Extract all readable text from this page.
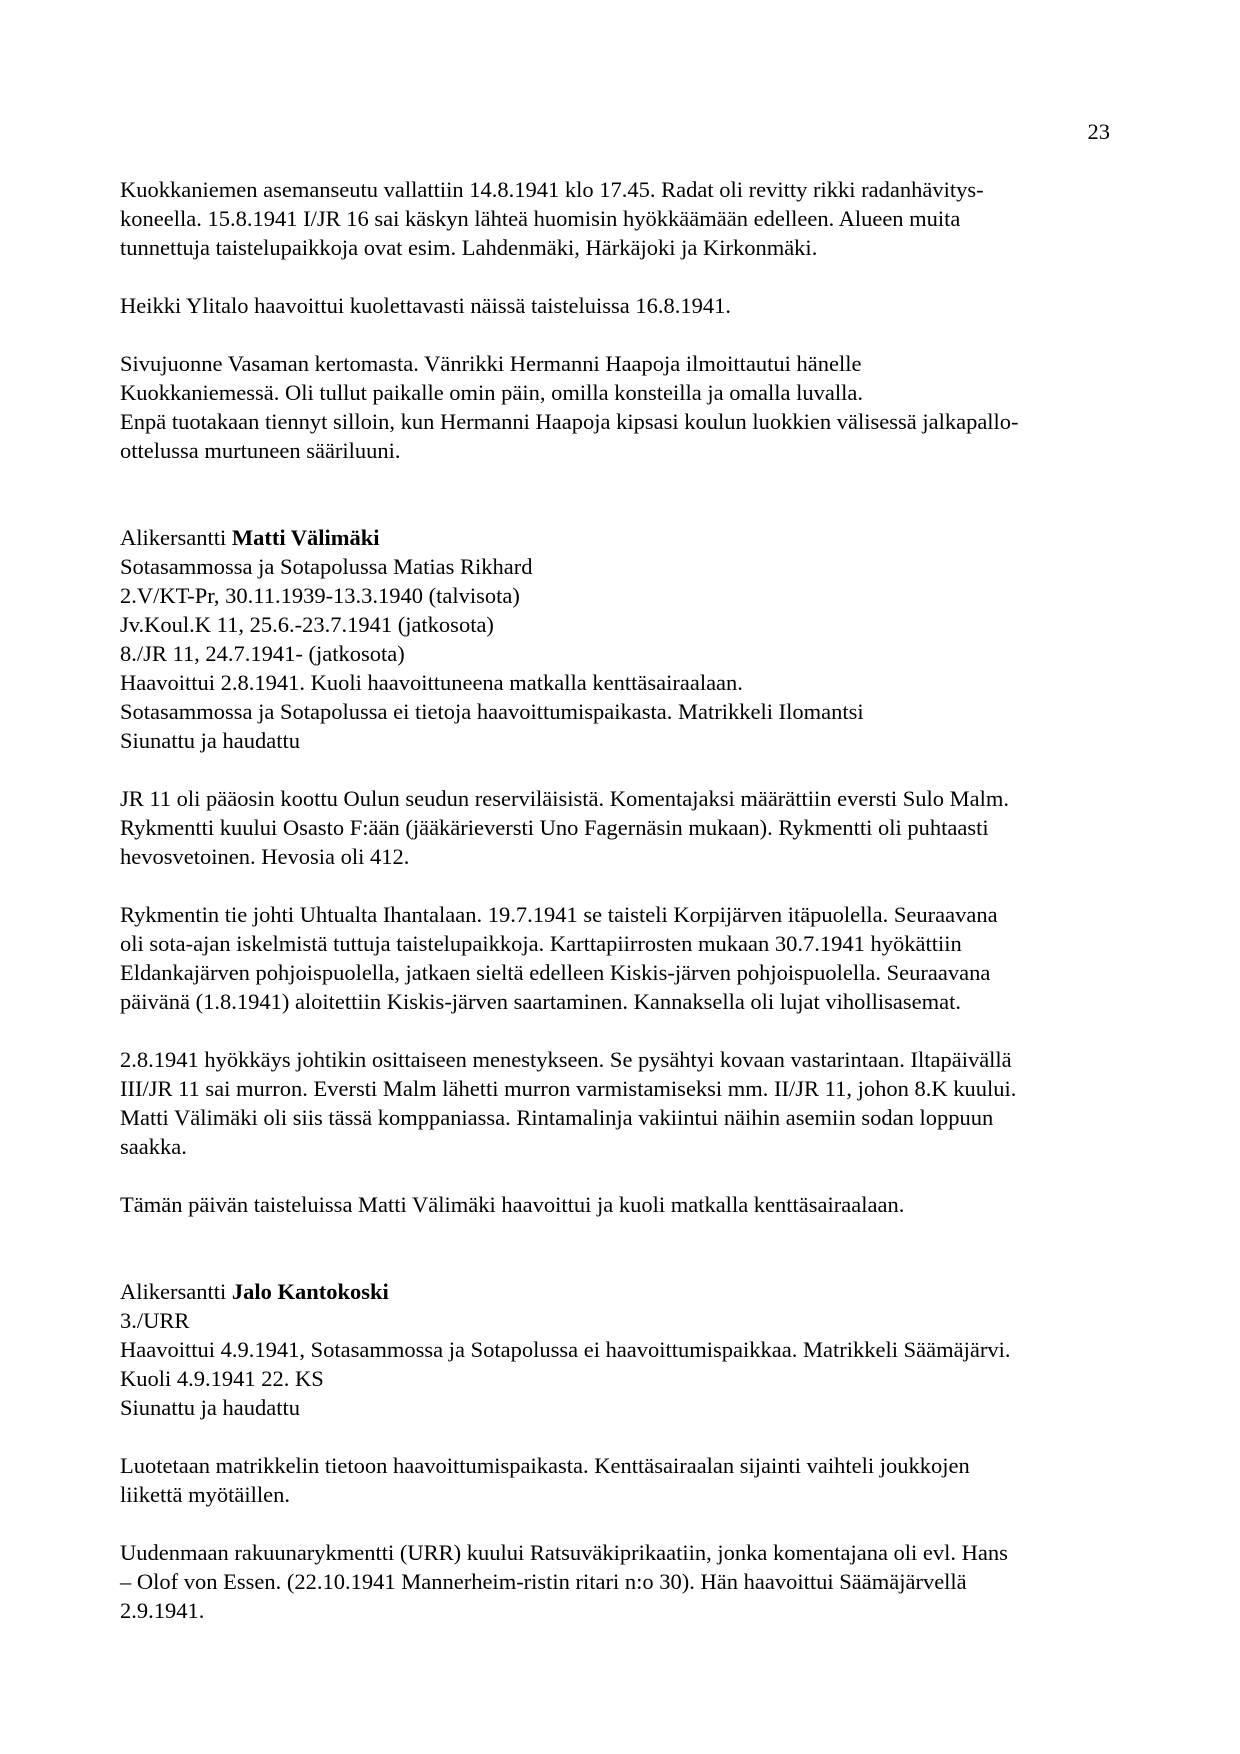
23

Kuokkaniemen asemanseutu vallattiin 14.8.1941 klo 17.45. Radat oli revitty rikki radanhävitys-
koneella. 15.8.1941 I/JR 16 sai käskyn lähteä huomisin hyökkäämään edelleen. Alueen muita
tunnettuja taistelupaikkoja ovat esim. Lahdenmäki, Härkäjoki ja Kirkonmäki.

Heikki Ylitalo haavoittui kuolettavasti näissä taisteluissa 16.8.1941.

Sivujuonne Vasaman kertomasta. Vänrikki Hermanni Haapoja ilmoittautui hänelle
Kuokkaniemessä. Oli tullut paikalle omin päin, omilla konsteilla ja omalla luvalla.
Enpä tuotakaan tiennyt silloin, kun Hermanni Haapoja kipsasi koulun luokkien välisessä jalkapallo-
ottelussa murtuneen sääriluuni.

Alikersantti Matti Välimäki
Sotasammossa ja Sotapolussa Matias Rikhard
2.V/KT-Pr, 30.11.1939-13.3.1940 (talvisota)
Jv.Koul.K 11, 25.6.-23.7.1941 (jatkosota)
8./JR 11, 24.7.1941- (jatkosota)
Haavoittui 2.8.1941. Kuoli haavoittuneena matkalla kenttäsairaalaan.
Sotasammossa ja Sotapolussa ei tietoja haavoittumispaikasta. Matrikkeli Ilomantsi
Siunattu ja haudattu

JR 11 oli pääosin koottu Oulun seudun reserviläisistä. Komentajaksi määrättiin eversti Sulo Malm.
Rykmentti kuului Osasto F:ään (jääkärieversti Uno Fagernäsin mukaan). Rykmentti oli puhtaasti
hevosvetoinen. Hevosia oli 412.

Rykmentin tie johti Uhtualta Ihantalaan. 19.7.1941 se taisteli Korpijärven itäpuolella. Seuraavana
oli sota-ajan iskelmistä tuttuja taistelupaikkoja. Karttapiirrosten mukaan 30.7.1941 hyökättiin
Eldankajärven pohjoispuolella, jatkaen sieltä edelleen Kiskis-järven pohjoispuolella. Seuraavana
päivänä (1.8.1941) aloitettiin Kiskis-järven saartaminen. Kannaksella oli lujat vihollisasemat.

2.8.1941 hyökkäys johtikin osittaiseen menestykseen. Se pysähtyi kovaan vastarintaan. Iltapäivällä
III/JR 11 sai murron. Eversti Malm lähetti murron varmistamiseksi mm. II/JR 11, johon 8.K kuului.
Matti Välimäki oli siis tässä komppaniassa. Rintamalinja vakiintui näihin asemiin sodan loppuun
saakka.

Tämän päivän taisteluissa Matti Välimäki haavoittui ja kuoli matkalla kenttäsairaalaan.

Alikersantti Jalo Kantokoski
3./URR
Haavoittui 4.9.1941, Sotasammossa ja Sotapolussa ei haavoittumispaikkaa. Matrikkeli Säämäjärvi.
Kuoli 4.9.1941 22. KS
Siunattu ja haudattu

Luotetaan matrikkelin tietoon haavoittumispaikasta. Kenttäsairaalan sijainti vaihteli joukkojen
liikettä myötäillen.

Uudenmaan rakuunarykmentti (URR) kuului Ratsuväkiprikaatiin, jonka komentajana oli evl. Hans
– Olof von Essen. (22.10.1941 Mannerheim-ristin ritari n:o 30). Hän haavoittui Säämäjärvellä
2.9.1941.
